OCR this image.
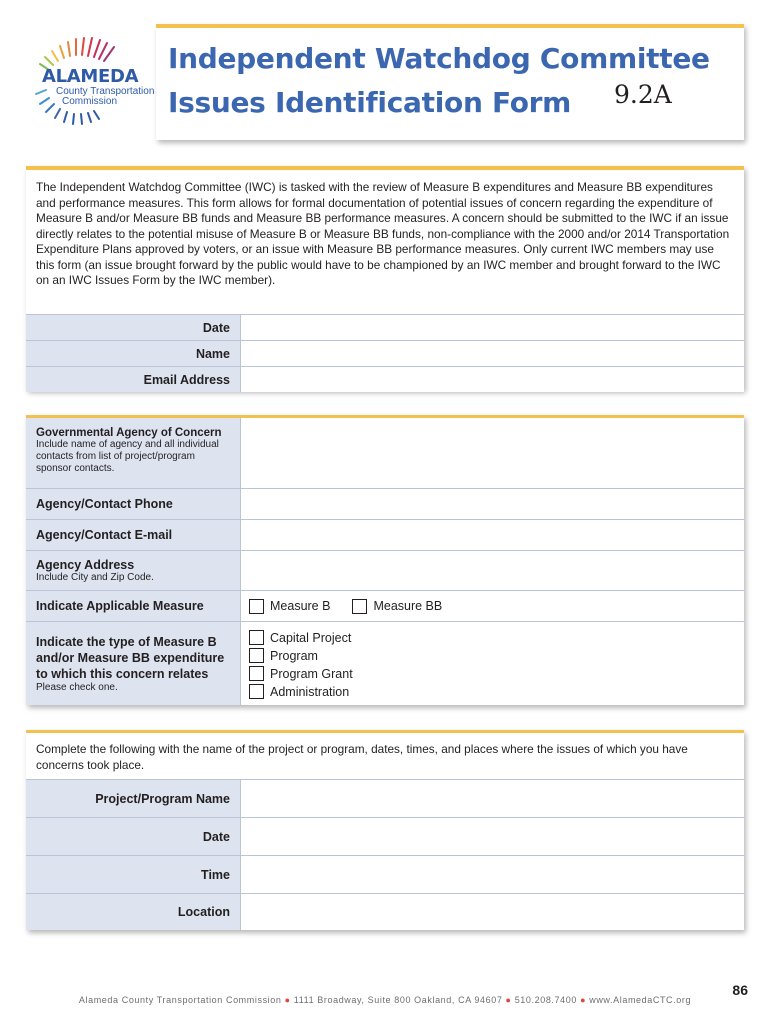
ALAMEDA
County Transportation
Commission
Independent Watchdog Committee
Issues Identification Form 9.2A
The Independent Watchdog Committee (IWC) is tasked with the review of Measure B expenditures and Measure BB expenditures and performance measures. This form allows for formal documentation of potential issues of concern regarding the expenditure of Measure B and/or Measure BB funds and Measure BB performance measures. A concern should be submitted to the IWC if an issue directly relates to the potential misuse of Measure B or Measure BB funds, non-compliance with the 2000 and/or 2014 Transportation Expenditure Plans approved by voters, or an issue with Measure BB performance measures. Only current IWC members may use this form (an issue brought forward by the public would have to be championed by an IWC member and brought forward to the IWC on an IWC Issues Form by the IWC member).
Date
Name
Email Address
Governmental Agency of Concern
Include name of agency and all individual contacts from list of project/program sponsor contacts.
Agency/Contact Phone
Agency/Contact E-mail
Agency Address
Include City and Zip Code.
Indicate Applicable Measure	Measure B	Measure BB
Indicate the type of Measure B and/or Measure BB expenditure to which this concern relates
Please check one.
Capital Project
Program
Program Grant
Administration
Complete the following with the name of the project or program, dates, times, and places where the issues of which you have concerns took place.
Project/Program Name
Date
Time
Location
86
Alameda County Transportation Commission ● 1111 Broadway, Suite 800 Oakland, CA 94607 ● 510.208.7400 ● www.AlamedaCTC.org
